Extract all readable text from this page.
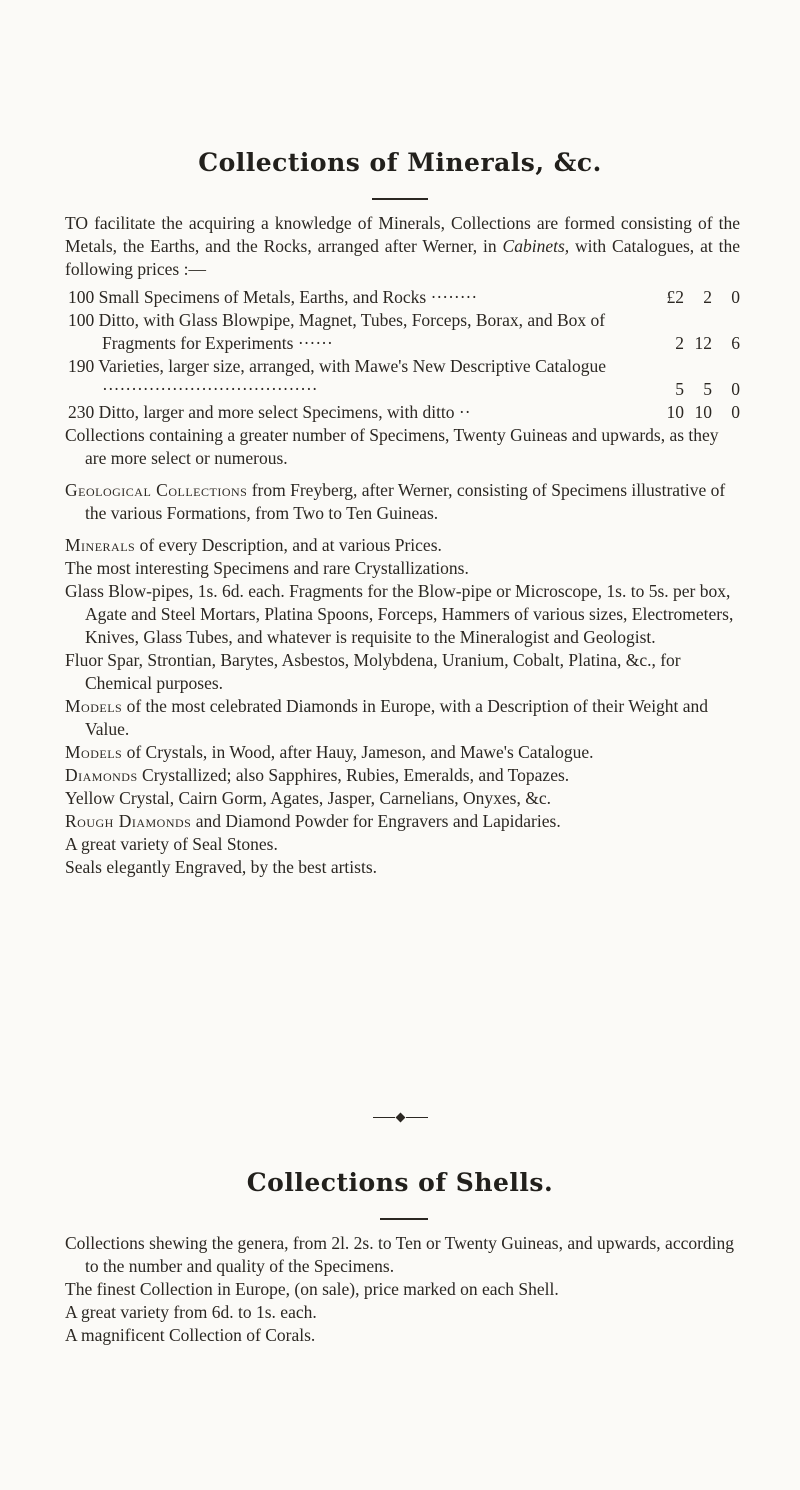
Collections of Minerals, &c.

TO facilitate the acquiring a knowledge of Minerals, Collections are formed consisting of the Metals, the Earths, and the Rocks, arranged after Werner, in Cabinets, with Catalogues, at the following prices :—

100 Small Specimens of Metals, Earths, and Rocks ········	£2 2 0
100 Ditto, with Glass Blowpipe, Magnet, Tubes, Forceps, Borax, and Box of Fragments for Experiments ······	2 12 6
190 Varieties, larger size, arranged, with Mawe's New Descriptive Catalogue ·····································	5 5 0
230 Ditto, larger and more select Specimens, with ditto ··	10 10 0

Collections containing a greater number of Specimens, Twenty Guineas and upwards, as they are more select or numerous.

Geological Collections from Freyberg, after Werner, consisting of Specimens illustrative of the various Formations, from Two to Ten Guineas.

Minerals of every Description, and at various Prices.

The most interesting Specimens and rare Crystallizations.

Glass Blow-pipes, 1s. 6d. each. Fragments for the Blow-pipe or Microscope, 1s. to 5s. per box, Agate and Steel Mortars, Platina Spoons, Forceps, Hammers of various sizes, Electrometers, Knives, Glass Tubes, and whatever is requisite to the Mineralogist and Geologist.

Fluor Spar, Strontian, Barytes, Asbestos, Molybdena, Uranium, Cobalt, Platina, &c., for Chemical purposes.

Models of the most celebrated Diamonds in Europe, with a Description of their Weight and Value.

Models of Crystals, in Wood, after Hauy, Jameson, and Mawe's Catalogue.

Diamonds Crystallized; also Sapphires, Rubies, Emeralds, and Topazes.

Yellow Crystal, Cairn Gorm, Agates, Jasper, Carnelians, Onyxes, &c.

Rough Diamonds and Diamond Powder for Engravers and Lapidaries.

A great variety of Seal Stones.

Seals elegantly Engraved, by the best artists.

Collections of Shells.

Collections shewing the genera, from 2l. 2s. to Ten or Twenty Guineas, and upwards, according to the number and quality of the Specimens.

The finest Collection in Europe, (on sale), price marked on each Shell.

A great variety from 6d. to 1s. each.

A magnificent Collection of Corals.
